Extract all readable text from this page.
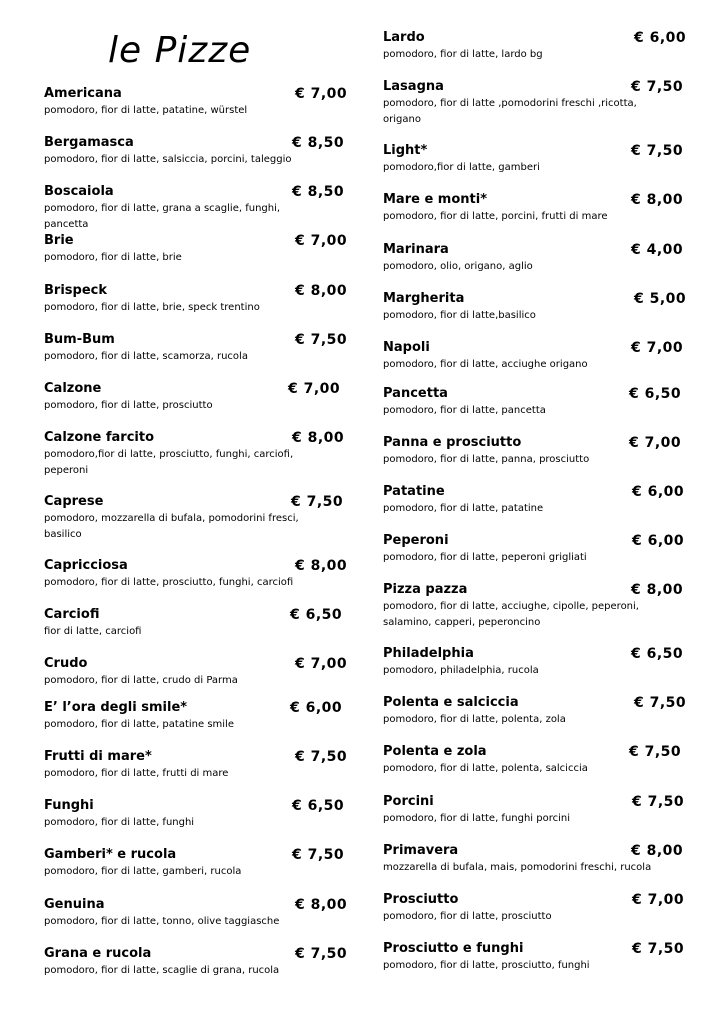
le Pizze
Americana	€ 7,00
pomodoro, fior di latte, patatine, würstel
Bergamasca	€ 8,50
pomodoro, fior di latte, salsiccia, porcini, taleggio
Boscaiola	€ 8,50
pomodoro, fior di latte, grana a scaglie, funghi, pancetta
Brie	€ 7,00
pomodoro, fior di latte, brie
Brispeck	€ 8,00
pomodoro, fior di latte, brie, speck trentino
Bum-Bum	€ 7,50
pomodoro, fior di latte, scamorza, rucola
Calzone	€ 7,00
pomodoro, fior di latte, prosciutto
Calzone farcito	€ 8,00
pomodoro,fior di latte, prosciutto, funghi, carciofi, peperoni
Caprese	€ 7,50
pomodoro, mozzarella di bufala, pomodorini fresci, basilico
Capricciosa	€ 8,00
pomodoro, fior di latte, prosciutto, funghi, carciofi
Carciofi	€ 6,50
fior di latte, carciofi
Crudo	€ 7,00
pomodoro, fior di latte, crudo di Parma
E’ l’ora degli smile*	€ 6,00
pomodoro, fior di latte, patatine smile
Frutti di mare*	€ 7,50
pomodoro, fior di latte, frutti di mare
Funghi	€ 6,50
pomodoro, fior di latte, funghi
Gamberi* e rucola	€ 7,50
pomodoro, fior di latte, gamberi, rucola
Genuina	€ 8,00
pomodoro, fior di latte, tonno, olive taggiasche
Grana e rucola	€ 7,50
pomodoro, fior di latte, scaglie di grana, rucola
Lardo	€ 6,00
pomodoro, fior di latte, lardo bg
Lasagna	€ 7,50
pomodoro, fior di latte ,pomodorini freschi ,ricotta, origano
Light*	€ 7,50
pomodoro,fior di latte, gamberi
Mare e monti*	€ 8,00
pomodoro, fior di latte, porcini, frutti di mare
Marinara	€ 4,00
pomodoro, olio, origano, aglio
Margherita	€ 5,00
pomodoro, fior di latte,basilico
Napoli	€ 7,00
pomodoro, fior di latte, acciughe origano
Pancetta	€ 6,50
pomodoro, fior di latte, pancetta
Panna e prosciutto	€ 7,00
pomodoro, fior di latte, panna, prosciutto
Patatine	€ 6,00
pomodoro, fior di latte, patatine
Peperoni	€ 6,00
pomodoro, fior di latte, peperoni grigliati
Pizza pazza	€ 8,00
pomodoro, fior di latte, acciughe, cipolle, peperoni, salamino, capperi, peperoncino
Philadelphia	€ 6,50
pomodoro, philadelphia, rucola
Polenta e salciccia	€ 7,50
pomodoro, fior di latte, polenta, zola
Polenta e zola	€ 7,50
pomodoro, fior di latte, polenta, salciccia
Porcini	€ 7,50
pomodoro, fior di latte, funghi porcini
Primavera	€ 8,00
mozzarella di bufala, mais, pomodorini freschi, rucola
Prosciutto	€ 7,00
pomodoro, fior di latte, prosciutto
Prosciutto e funghi	€ 7,50
pomodoro, fior di latte, prosciutto, funghi
